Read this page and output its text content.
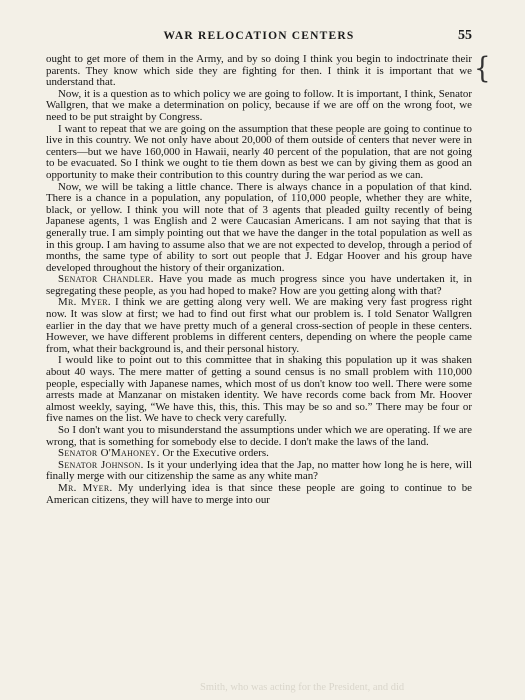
WAR RELOCATION CENTERS	55
{

ought to get more of them in the Army, and by so doing I think you begin to indoctrinate their parents. They know which side they are fighting for then. I think it is important that we understand that.

Now, it is a question as to which policy we are going to follow. It is important, I think, Senator Wallgren, that we make a determination on policy, because if we are off on the wrong foot, we need to be put straight by Congress.

I want to repeat that we are going on the assumption that these people are going to continue to live in this country. We not only have about 20,000 of them outside of centers that never were in centers—but we have 160,000 in Hawaii, nearly 40 percent of the population, that are not going to be evacuated. So I think we ought to tie them down as best we can by giving them as good an opportunity to make their contribution to this country during the war period as we can.

Now, we will be taking a little chance. There is always chance in a population of that kind. There is a chance in a population, any population, of 110,000 people, whether they are white, black, or yellow. I think you will note that of 3 agents that pleaded guilty recently of being Japanese agents, 1 was English and 2 were Caucasian Americans. I am not saying that that is generally true. I am simply pointing out that we have the danger in the total population as well as in this group. I am having to assume also that we are not expected to develop, through a period of months, the same type of ability to sort out people that J. Edgar Hoover and his group have developed throughout the history of their organization.

Senator Chandler. Have you made as much progress since you have undertaken it, in segregating these people, as you had hoped to make? How are you getting along with that?

Mr. Myer. I think we are getting along very well. We are making very fast progress right now. It was slow at first; we had to find out first what our problem is. I told Senator Wallgren earlier in the day that we have pretty much of a general cross-section of people in these centers. However, we have different problems in different centers, depending on where the people came from, what their background is, and their personal history.

I would like to point out to this committee that in shaking this population up it was shaken about 40 ways. The mere matter of getting a sound census is no small problem with 110,000 people, especially with Japanese names, which most of us don't know too well. There were some arrests made at Manzanar on mistaken identity. We have records come back from Mr. Hoover almost weekly, saying, “We have this, this, this. This may be so and so.” There may be four or five names on the list. We have to check very carefully.

So I don't want you to misunderstand the assumptions under which we are operating. If we are wrong, that is something for somebody else to decide. I don't make the laws of the land.

Senator O'Mahoney. Or the Executive orders.

Senator Johnson. Is it your underlying idea that the Jap, no matter how long he is here, will finally merge with our citizenship the same as any white man?

Mr. Myer. My underlying idea is that since these people are going to continue to be American citizens, they will have to merge into our

Smith, who was acting for the President, and did
